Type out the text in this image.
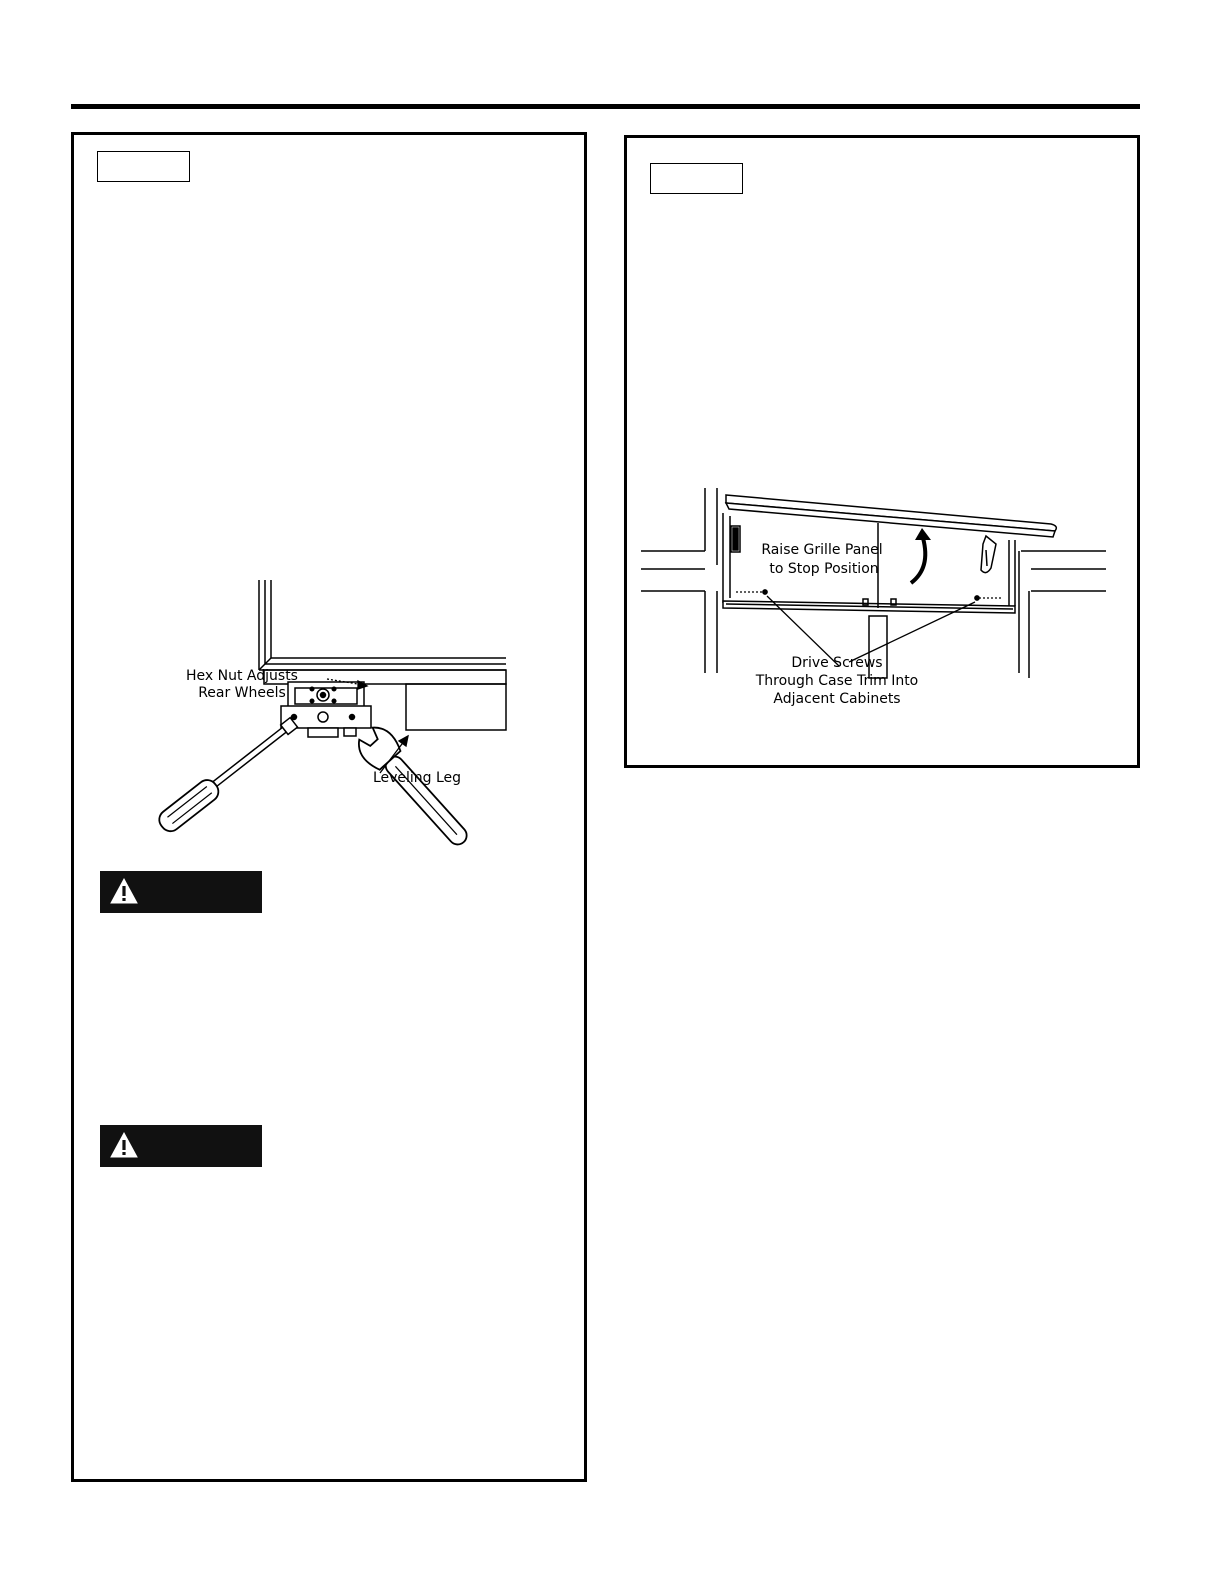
Hex Nut Adjusts
Rear Wheels
Leveling Leg
Raise Grille Panel
to Stop Position
Drive Screws
Through Case Trim Into
Adjacent Cabinets
